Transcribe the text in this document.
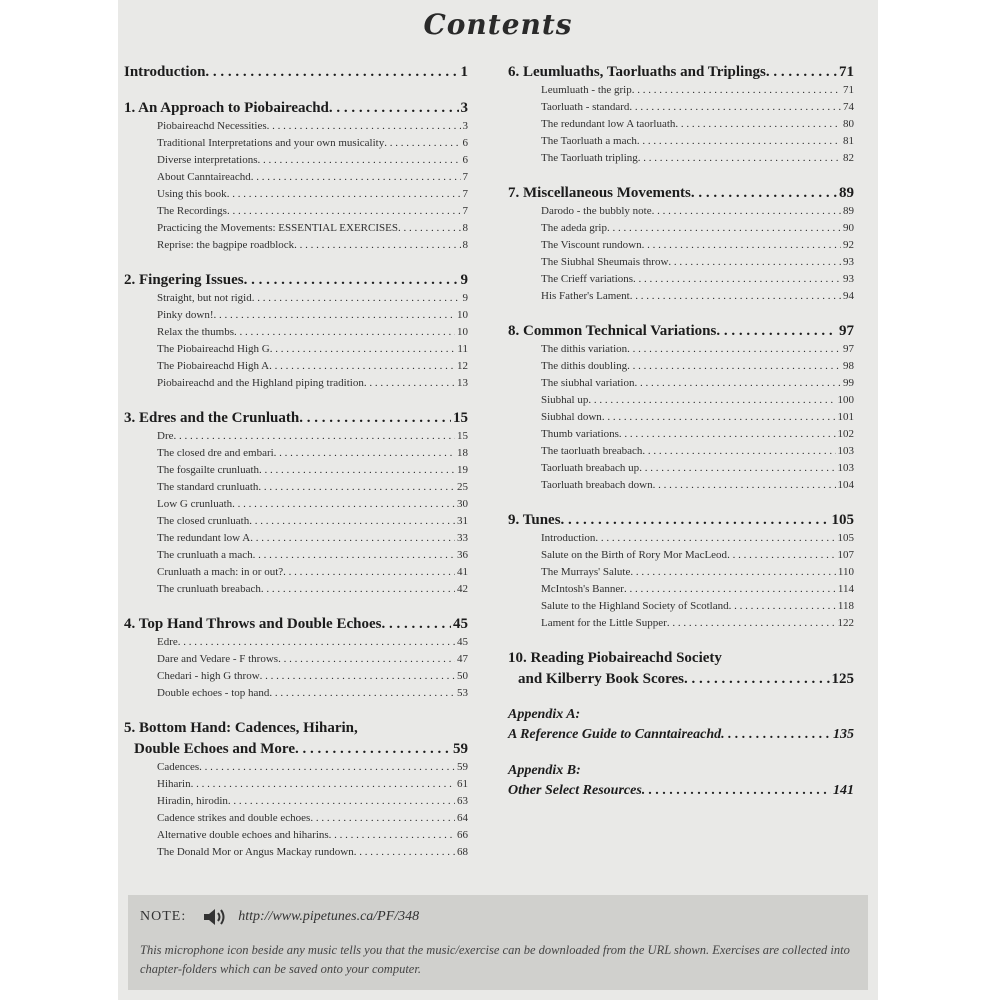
Contents
Introduction . . .	1
1. An Approach to Piobaireachd . . .	3
Piobaireachd Necessities . . .	3
Traditional Interpretations and your own musicality . . .	6
Diverse interpretations . . .	6
About Canntaireachd . . .	7
Using this book . . .	7
The Recordings . . .	7
Practicing the Movements: ESSENTIAL EXERCISES . . .	8
Reprise: the bagpipe roadblock . . .	8
2. Fingering Issues . . .	9
Straight, but not rigid . . .	9
Pinky down! . . .	10
Relax the thumbs . . .	10
The Piobaireachd High G . . .	11
The Piobaireachd High A . . .	12
Piobaireachd and the Highland piping tradition . . .	13
3. Edres and the Crunluath . . .	15
Dre . . .	15
The closed dre and embari . . .	18
The fosgailte crunluath . . .	19
The standard crunluath . . .	25
Low G crunluath . . .	30
The closed crunluath . . .	31
The redundant low A . . .	33
The crunluath a mach . . .	36
Crunluath a mach: in or out? . . .	41
The crunluath breabach . . .	42
4. Top Hand Throws and Double Echoes . . .	45
Edre . . .	45
Dare and Vedare - F throws . . .	47
Chedari - high G throw . . .	50
Double echoes - top hand . . .	53
5. Bottom Hand: Cadences, Hiharin,
Double Echoes and More . . .	59
Cadences . . .	59
Hiharin . . .	61
Hiradin, hirodin . . .	63
Cadence strikes and double echoes . . .	64
Alternative double echoes and hiharins . . .	66
The Donald Mor or Angus Mackay rundown . . .	68
6. Leumluaths, Taorluaths and Triplings . . .	71
Leumluath - the grip . . .	71
Taorluath - standard . . .	74
The redundant low A taorluath . . .	80
The Taorluath a mach . . .	81
The Taorluath tripling . . .	82
7. Miscellaneous Movements . . .	89
Darodo - the bubbly note . . .	89
The adeda grip . . .	90
The Viscount rundown . . .	92
The Siubhal Sheumais throw . . .	93
The Crieff variations . . .	93
His Father's Lament . . .	94
8. Common Technical Variations . . .	97
The dithis variation . . .	97
The dithis doubling . . .	98
The siubhal variation . . .	99
Siubhal up . . .	100
Siubhal down . . .	101
Thumb variations . . .	102
The taorluath breabach . . .	103
Taorluath breabach up . . .	103
Taorluath breabach down . . .	104
9. Tunes . . .	105
Introduction . . .	105
Salute on the Birth of Rory Mor MacLeod . . .	107
The Murrays' Salute . . .	110
McIntosh's Banner . . .	114
Salute to the Highland Society of Scotland . . .	118
Lament for the Little Supper . . .	122
10. Reading Piobaireachd Society
and Kilberry Book Scores . . .	125
Appendix A:
A Reference Guide to Canntaireachd . . .	135
Appendix B:
Other Select Resources . . .	141
NOTE:	http://www.pipetunes.ca/PF/348
This microphone icon beside any music tells you that the music/exercise can be downloaded from the URL shown. Exercises are collected into chapter-folders which can be saved onto your computer.
